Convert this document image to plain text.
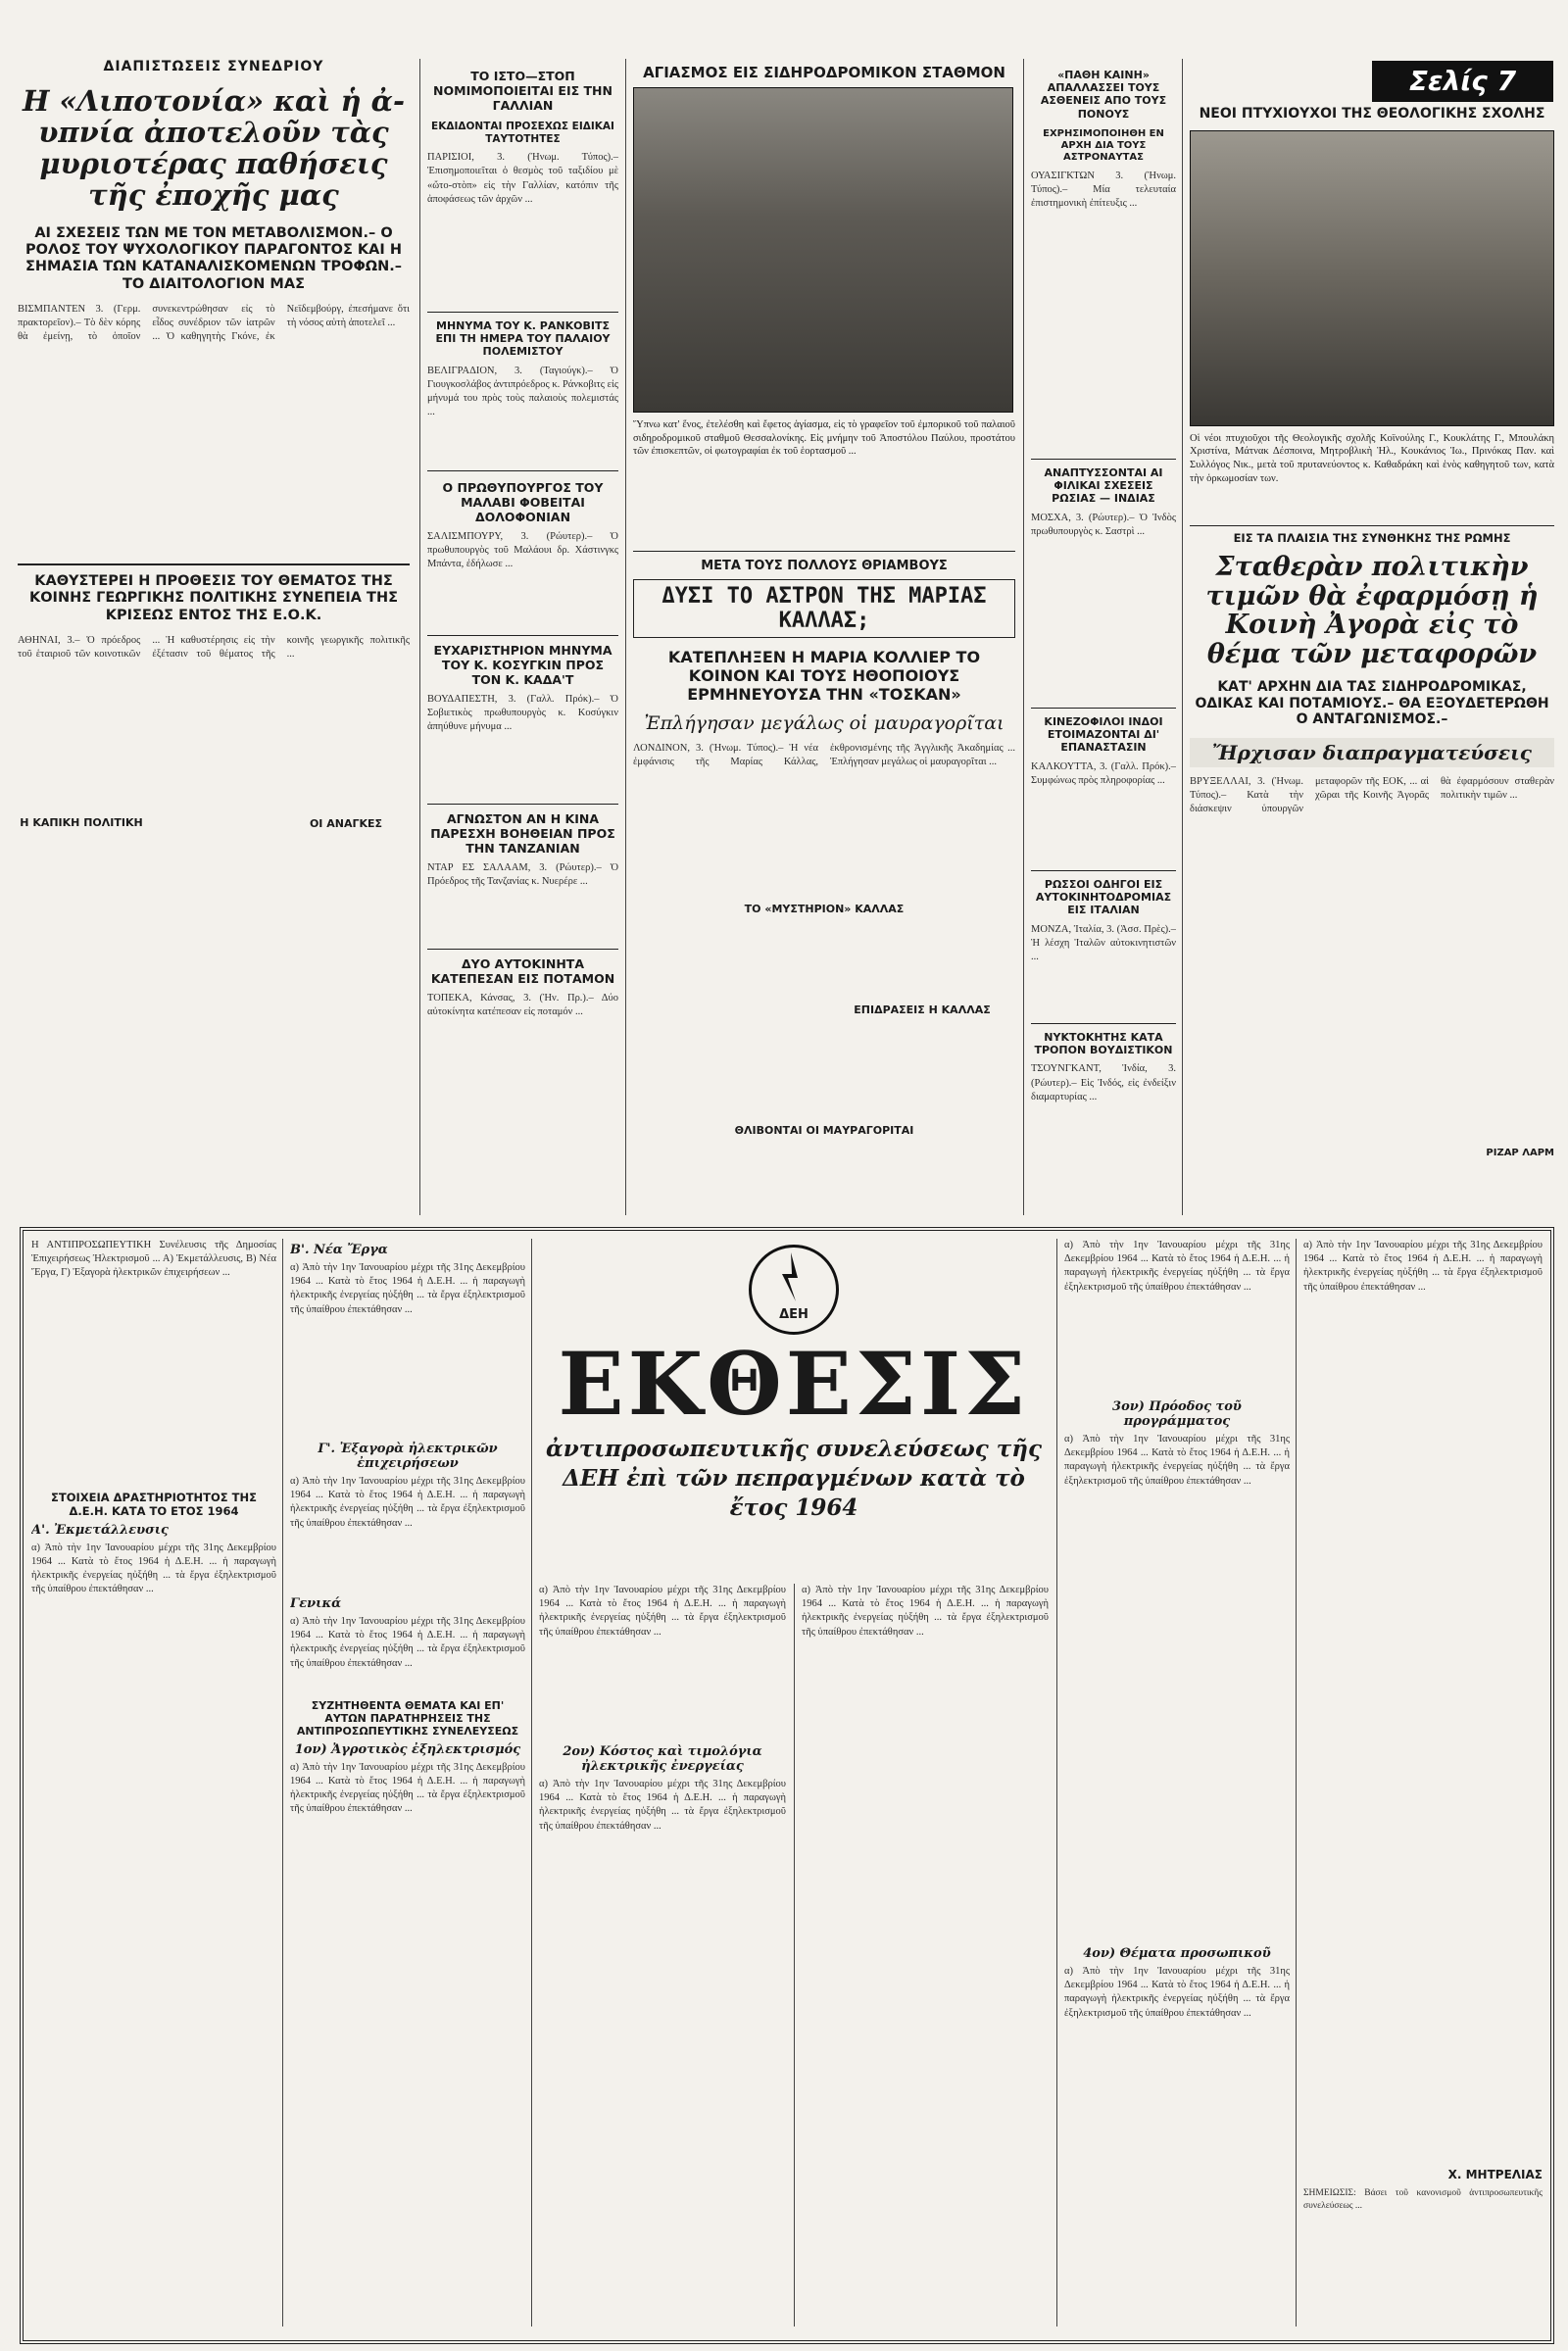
ΔΙΑΠΙΣΤΩΣΕΙΣ ΣΥΝΕΔΡΙΟΥ
Η «Λιποτονία» καὶ ἡ ἀ-υπνία ἀποτελοῦν τὰς μυριοτέρας παθήσεις τῆς ἐποχῆς μας
ΑΙ ΣΧΕΣΕΙΣ ΤΩΝ ΜΕ ΤΟΝ ΜΕΤΑΒΟΛΙΣΜΟΝ.– Ο ΡΟΛΟΣ ΤΟΥ ΨΥΧΟΛΟΓΙΚΟΥ ΠΑΡΑΓΟΝΤΟΣ ΚΑΙ Η ΣΗΜΑΣΙΑ ΤΩΝ ΚΑΤΑΝΑΛΙΣΚΟΜΕΝΩΝ ΤΡΟΦΩΝ.– ΤΟ ΔΙΑΙΤΟΛΟΓΙΟΝ ΜΑΣ
ΒΙΣΜΠΑΝΤΕΝ 3. (Γερμ. πρακτορεῖον).– Τὸ δὲν κόρης θὰ ἐμείνῃ, τὸ ὁποῖον συνεκεντρώθησαν εἰς τὸ εἶδος συνέδριον τῶν ἰατρῶν ... Ὁ καθηγητὴς Γκόνε, ἐκ Νεϊδεμβούργ, ἐπεσήμανε ὅτι τὴ νόσος αὐτὴ ἀποτελεῖ ...
ΚΑΘΥΣΤΕΡΕΙ Η ΠΡΟΘΕΣΙΣ ΤΟΥ ΘΕΜΑΤΟΣ ΤΗΣ ΚΟΙΝΗΣ ΓΕΩΡΓΙΚΗΣ ΠΟΛΙΤΙΚΗΣ ΣΥΝΕΠΕΙΑ ΤΗΣ ΚΡΙΣΕΩΣ ΕΝΤΟΣ ΤΗΣ Ε.Ο.Κ.
ΑΘΗΝΑΙ, 3.– Ὁ πρόεδρος τοῦ ἑταιριοῦ τῶν κοινοτικῶν ... Ἡ καθυστέρησις εἰς τὴν ἐξέτασιν τοῦ θέματος τῆς κοινῆς γεωργικῆς πολιτικῆς ...
Η ΚΑΠΙΚΗ ΠΟΛΙΤΙΚΗ	ΟΙ ΑΝΑΓΚΕΣ
ΤΟ ΙΣΤΟ—ΣΤΟΠ ΝΟΜΙΜΟΠΟΙΕΙΤΑΙ ΕΙΣ ΤΗΝ ΓΑΛΛΙΑΝ
ΕΚΔΙΔΟΝΤΑΙ ΠΡΟΣΕΧΩΣ ΕΙΔΙΚΑΙ ΤΑΥΤΟΤΗΤΕΣ
ΠΑΡΙΣΙΟΙ, 3. (Ἠνωμ. Τύπος).– Ἐπισημοποιεῖται ὁ θεσμὸς τοῦ ταξιδίου μὲ «ὤτο-στὸπ» εἰς τὴν Γαλλίαν, κατόπιν τῆς ἀποφάσεως τῶν ἀρχῶν ...
ΜΗΝΥΜΑ ΤΟΥ Κ. ΡΑΝΚΟΒΙΤΣ ΕΠΙ ΤΗ ΗΜΕΡΑ ΤΟΥ ΠΑΛΑΙΟΥ ΠΟΛΕΜΙΣΤΟΥ
ΒΕΛΙΓΡΑΔΙΟΝ, 3. (Ταγιούγκ).– Ὁ Γιουγκοσλάβος ἀντιπρόεδρος κ. Ράνκοβιτς εἰς μήνυμά του πρὸς τοὺς παλαιοὺς πολεμιστάς ...
Ο ΠΡΩΘΥΠΟΥΡΓΟΣ ΤΟΥ ΜΑΛΑΒΙ ΦΟΒΕΙΤΑΙ ΔΟΛΟΦΟΝΙΑΝ
ΣΑΛΙΣΜΠΟΥΡΥ, 3. (Ρώυτερ).– Ὁ πρωθυπουργὸς τοῦ Μαλάουι δρ. Χάστινγκς Μπάντα, ἐδήλωσε ...
ΕΥΧΑΡΙΣΤΗΡΙΟΝ ΜΗΝΥΜΑ ΤΟΥ Κ. ΚΟΣΥΓΚΙΝ ΠΡΟΣ ΤΟΝ Κ. ΚΑΔΑ'Τ
ΒΟΥΔΑΠΕΣΤΗ, 3. (Γαλλ. Πρόκ).– Ὁ Σοβιετικὸς πρωθυπουργὸς κ. Κοσύγκιν ἀπηύθυνε μήνυμα ...
ΑΓΝΩΣΤΟΝ ΑΝ Η ΚΙΝΑ ΠΑΡΕΣΧΗ ΒΟΗΘΕΙΑΝ ΠΡΟΣ ΤΗΝ ΤΑΝΖΑΝΙΑΝ
ΝΤΑΡ ΕΣ ΣΑΛΑΑΜ, 3. (Ρώυτερ).– Ὁ Πρόεδρος τῆς Τανζανίας κ. Νυερέρε ...
ΔΥΟ ΑΥΤΟΚΙΝΗΤΑ ΚΑΤΕΠΕΣΑΝ ΕΙΣ ΠΟΤΑΜΟΝ
ΤΟΠΕΚΑ, Κάνσας, 3. (Ἠν. Πρ.).– Δύο αὐτοκίνητα κατέπεσαν εἰς ποταμόν ...
ΑΓΙΑΣΜΟΣ ΕΙΣ ΣΙΔΗΡΟΔΡΟΜΙΚΟΝ ΣΤΑΘΜΟΝ
Ὕπνω κατ' ἕνος, ἐτελέσθη καὶ ἔφετος ἁγίασμα, εἰς τὸ γραφεῖον τοῦ ἐμπορικοῦ τοῦ παλαιοῦ σιδηροδρομικοῦ σταθμοῦ Θεσσαλονίκης. Εἰς μνήμην τοῦ Ἀποστόλου Παύλου, προστάτου τῶν ἐπισκεπτῶν, οἱ φωτογραφίαι ἐκ τοῦ ἑορτασμοῦ ...
ΜΕΤΑ ΤΟΥΣ ΠΟΛΛΟΥΣ ΘΡΙΑΜΒΟΥΣ
ΔΥΣΙ ΤΟ ΑΣΤΡΟΝ ΤΗΣ ΜΑΡΙΑΣ ΚΑΛΛΑΣ;
ΚΑΤΕΠΛΗΞΕΝ Η ΜΑΡΙΑ ΚΟΛΛΙΕΡ ΤΟ ΚΟΙΝΟΝ ΚΑΙ ΤΟΥΣ ΗΘΟΠΟΙΟΥΣ ΕΡΜΗΝΕΥΟΥΣΑ ΤΗΝ «ΤΟΣΚΑΝ»
Ἐπλήγησαν μεγάλως οἱ μαυραγορῖται
ΛΟΝΔΙΝΟΝ, 3. (Ἠνωμ. Τύπος).– Ἡ νέα ἐμφάνισις τῆς Μαρίας Κάλλας, ἐκθρονισμένης τῆς Ἀγγλικῆς Ἀκαδημίας ... Ἐπλήγησαν μεγάλως οἱ μαυραγορῖται ...
ΤΟ «ΜΥΣΤΗΡΙΟΝ» ΚΑΛΛΑΣ
ΕΠΙΔΡΑΣΕΙΣ Η ΚΑΛΛΑΣ
ΘΛΙΒΟΝΤΑΙ ΟΙ ΜΑΥΡΑΓΟΡΙΤΑΙ
«ΠΑΘΗ ΚΑΙΝΗ» ΑΠΑΛΛΑΣΣΕΙ ΤΟΥΣ ΑΣΘΕΝΕΙΣ ΑΠΟ ΤΟΥΣ ΠΟΝΟΥΣ
ΕΧΡΗΣΙΜΟΠΟΙΗΘΗ ΕΝ ΑΡΧΗ ΔΙΑ ΤΟΥΣ ΑΣΤΡΟΝΑΥΤΑΣ
ΟΥΑΣΙΓΚΤΩΝ 3. (Ἠνωμ. Τύπος).– Μία τελευταία ἐπιστημονικὴ ἐπίτευξις ...
ΑΝΑΠΤΥΣΣΟΝΤΑΙ ΑΙ ΦΙΛΙΚΑΙ ΣΧΕΣΕΙΣ ΡΩΣΙΑΣ — ΙΝΔΙΑΣ
ΜΟΣΧΑ, 3. (Ρώυτερ).– Ὁ Ἰνδὸς πρωθυπουργὸς κ. Σαστρὶ ...
ΚΙΝΕΖΟΦΙΛΟΙ ΙΝΔΟΙ ΕΤΟΙΜΑΖΟΝΤΑΙ ΔΙ' ΕΠΑΝΑΣΤΑΣΙΝ
ΚΑΛΚΟΥΤΤΑ, 3. (Γαλλ. Πρόκ).– Συμφώνως πρὸς πληροφορίας ...
ΡΩΣΣΟΙ ΟΔΗΓΟΙ ΕΙΣ ΑΥΤΟΚΙΝΗΤΟΔΡΟΜΙΑΣ ΕΙΣ ΙΤΑΛΙΑΝ
ΜΟΝΖΑ, Ἰταλία, 3. (Ἀσσ. Πρὲς).– Ἡ λέσχη Ἰταλῶν αὐτοκινητιστῶν ...
ΝΥΚΤΟΚΗΤΗΣ ΚΑΤΑ ΤΡΟΠΟΝ ΒΟΥΔΙΣΤΙΚΟΝ
ΤΣΟΥΝΓΚΑΝΤ, Ἰνδία, 3. (Ρώυτερ).– Εἰς Ἰνδός, εἰς ἐνδείξιν διαμαρτυρίας ...
Σελίς 7
ΝΕΟΙ ΠΤΥΧΙΟΥΧΟΙ ΤΗΣ ΘΕΟΛΟΓΙΚΗΣ ΣΧΟΛΗΣ
Οἱ νέοι πτυχιοῦχοι τῆς Θεολογικῆς σχολῆς Κοϊνούλης Γ., Κουκλάτης Γ., Μπουλάκη Χριστίνα, Μάτνακ Δέσποινα, Μητροβλικὴ Ἡλ., Κουκάνιος Ἰω., Πρινόκας Παν. καὶ Συλλόγος Νικ., μετὰ τοῦ πρυτανεύοντος κ. Καθαδράκη καὶ ἑνὸς καθηγητοῦ των, κατὰ τὴν ὁρκωμοσίαν των.
ΕΙΣ ΤΑ ΠΛΑΙΣΙΑ ΤΗΣ ΣΥΝΘΗΚΗΣ ΤΗΣ ΡΩΜΗΣ
Σταθερὰν πολιτικὴν τιμῶν θὰ ἐφαρμόσῃ ἡ Κοινὴ Ἀγορὰ εἰς τὸ θέμα τῶν μεταφορῶν
ΚΑΤ' ΑΡΧΗΝ ΔΙΑ ΤΑΣ ΣΙΔΗΡΟΔΡΟΜΙΚΑΣ, ΟΔΙΚΑΣ ΚΑΙ ΠΟΤΑΜΙΟΥΣ.– ΘΑ ΕΞΟΥΔΕΤΕΡΩΘΗ Ο ΑΝΤΑΓΩΝΙΣΜΟΣ.–
Ἤρχισαν διαπραγματεύσεις
ΒΡΥΞΕΛΛΑΙ, 3. (Ἠνωμ. Τύπος).– Κατὰ τὴν διάσκεψιν ὑπουργῶν μεταφορῶν τῆς ΕΟΚ, ... αἱ χῶραι τῆς Κοινῆς Ἀγορᾶς θὰ ἐφαρμόσουν σταθερὰν πολιτικὴν τιμῶν ...
ΡΙΖΑΡ ΛΑΡΜ
Η ΑΝΤΙΠΡΟΣΩΠΕΥΤΙΚΗ Συνέλευσις τῆς Δημοσίας Ἐπιχειρήσεως Ἠλεκτρισμοῦ ... Α) Ἐκμετάλλευσις, Β) Νέα Ἔργα, Γ) Ἐξαγορὰ ἠλεκτρικῶν ἐπιχειρήσεων ...
ΣΤΟΙΧΕΙΑ ΔΡΑΣΤΗΡΙΟΤΗΤΟΣ ΤΗΣ Δ.Ε.Η. ΚΑΤΑ ΤΟ ΕΤΟΣ 1964
Α'. Ἐκμετάλλευσις
α) Ἀπὸ τὴν 1ην Ἰανουαρίου μέχρι τῆς 31ης Δεκεμβρίου 1964 ... Κατὰ τὸ ἔτος 1964 ἡ Δ.Ε.Η. ... ἡ παραγωγὴ ἠλεκτρικῆς ἐνεργείας ηὐξήθη ... τὰ ἔργα ἐξηλεκτρισμοῦ τῆς ὑπαίθρου ἐπεκτάθησαν ...
Β'. Νέα Ἔργα
α) Ἀπὸ τὴν 1ην Ἰανουαρίου μέχρι τῆς 31ης Δεκεμβρίου 1964 ... Κατὰ τὸ ἔτος 1964 ἡ Δ.Ε.Η. ... ἡ παραγωγὴ ἠλεκτρικῆς ἐνεργείας ηὐξήθη ... τὰ ἔργα ἐξηλεκτρισμοῦ τῆς ὑπαίθρου ἐπεκτάθησαν ...
Γ'. Ἐξαγορὰ ἠλεκτρικῶν ἐπιχειρήσεων
α) Ἀπὸ τὴν 1ην Ἰανουαρίου μέχρι τῆς 31ης Δεκεμβρίου 1964 ... Κατὰ τὸ ἔτος 1964 ἡ Δ.Ε.Η. ... ἡ παραγωγὴ ἠλεκτρικῆς ἐνεργείας ηὐξήθη ... τὰ ἔργα ἐξηλεκτρισμοῦ τῆς ὑπαίθρου ἐπεκτάθησαν ...
Γενικά
α) Ἀπὸ τὴν 1ην Ἰανουαρίου μέχρι τῆς 31ης Δεκεμβρίου 1964 ... Κατὰ τὸ ἔτος 1964 ἡ Δ.Ε.Η. ... ἡ παραγωγὴ ἠλεκτρικῆς ἐνεργείας ηὐξήθη ... τὰ ἔργα ἐξηλεκτρισμοῦ τῆς ὑπαίθρου ἐπεκτάθησαν ...
ΣΥΖΗΤΗΘΕΝΤΑ ΘΕΜΑΤΑ ΚΑΙ ΕΠ' ΑΥΤΩΝ ΠΑΡΑΤΗΡΗΣΕΙΣ ΤΗΣ ΑΝΤΙΠΡΟΣΩΠΕΥΤΙΚΗΣ ΣΥΝΕΛΕΥΣΕΩΣ
1ον) Ἀγροτικὸς ἐξηλεκτρισμός
α) Ἀπὸ τὴν 1ην Ἰανουαρίου μέχρι τῆς 31ης Δεκεμβρίου 1964 ... Κατὰ τὸ ἔτος 1964 ἡ Δ.Ε.Η. ... ἡ παραγωγὴ ἠλεκτρικῆς ἐνεργείας ηὐξήθη ... τὰ ἔργα ἐξηλεκτρισμοῦ τῆς ὑπαίθρου ἐπεκτάθησαν ...
ΔΕΗ
ΕΚΘΕΣΙΣ
ἀντιπροσωπευτικῆς συνελεύσεως τῆς ΔΕΗ ἐπὶ τῶν πεπραγμένων κατὰ τὸ ἔτος 1964
α) Ἀπὸ τὴν 1ην Ἰανουαρίου μέχρι τῆς 31ης Δεκεμβρίου 1964 ... Κατὰ τὸ ἔτος 1964 ἡ Δ.Ε.Η. ... ἡ παραγωγὴ ἠλεκτρικῆς ἐνεργείας ηὐξήθη ... τὰ ἔργα ἐξηλεκτρισμοῦ τῆς ὑπαίθρου ἐπεκτάθησαν ...
2ον) Κόστος καὶ τιμολόγια ἠλεκτρικῆς ἐνεργείας
α) Ἀπὸ τὴν 1ην Ἰανουαρίου μέχρι τῆς 31ης Δεκεμβρίου 1964 ... Κατὰ τὸ ἔτος 1964 ἡ Δ.Ε.Η. ... ἡ παραγωγὴ ἠλεκτρικῆς ἐνεργείας ηὐξήθη ... τὰ ἔργα ἐξηλεκτρισμοῦ τῆς ὑπαίθρου ἐπεκτάθησαν ...
α) Ἀπὸ τὴν 1ην Ἰανουαρίου μέχρι τῆς 31ης Δεκεμβρίου 1964 ... Κατὰ τὸ ἔτος 1964 ἡ Δ.Ε.Η. ... ἡ παραγωγὴ ἠλεκτρικῆς ἐνεργείας ηὐξήθη ... τὰ ἔργα ἐξηλεκτρισμοῦ τῆς ὑπαίθρου ἐπεκτάθησαν ...
α) Ἀπὸ τὴν 1ην Ἰανουαρίου μέχρι τῆς 31ης Δεκεμβρίου 1964 ... Κατὰ τὸ ἔτος 1964 ἡ Δ.Ε.Η. ... ἡ παραγωγὴ ἠλεκτρικῆς ἐνεργείας ηὐξήθη ... τὰ ἔργα ἐξηλεκτρισμοῦ τῆς ὑπαίθρου ἐπεκτάθησαν ...
3ον) Πρόοδος τοῦ προγράμματος
α) Ἀπὸ τὴν 1ην Ἰανουαρίου μέχρι τῆς 31ης Δεκεμβρίου 1964 ... Κατὰ τὸ ἔτος 1964 ἡ Δ.Ε.Η. ... ἡ παραγωγὴ ἠλεκτρικῆς ἐνεργείας ηὐξήθη ... τὰ ἔργα ἐξηλεκτρισμοῦ τῆς ὑπαίθρου ἐπεκτάθησαν ...
4ον) Θέματα προσωπικοῦ
α) Ἀπὸ τὴν 1ην Ἰανουαρίου μέχρι τῆς 31ης Δεκεμβρίου 1964 ... Κατὰ τὸ ἔτος 1964 ἡ Δ.Ε.Η. ... ἡ παραγωγὴ ἠλεκτρικῆς ἐνεργείας ηὐξήθη ... τὰ ἔργα ἐξηλεκτρισμοῦ τῆς ὑπαίθρου ἐπεκτάθησαν ...
α) Ἀπὸ τὴν 1ην Ἰανουαρίου μέχρι τῆς 31ης Δεκεμβρίου 1964 ... Κατὰ τὸ ἔτος 1964 ἡ Δ.Ε.Η. ... ἡ παραγωγὴ ἠλεκτρικῆς ἐνεργείας ηὐξήθη ... τὰ ἔργα ἐξηλεκτρισμοῦ τῆς ὑπαίθρου ἐπεκτάθησαν ...
Χ. ΜΗΤΡΕΛΙΑΣ
ΣΗΜΕΙΩΣΙΣ: Βάσει τοῦ κανονισμοῦ ἀντιπροσωπευτικῆς συνελεύσεως ...
